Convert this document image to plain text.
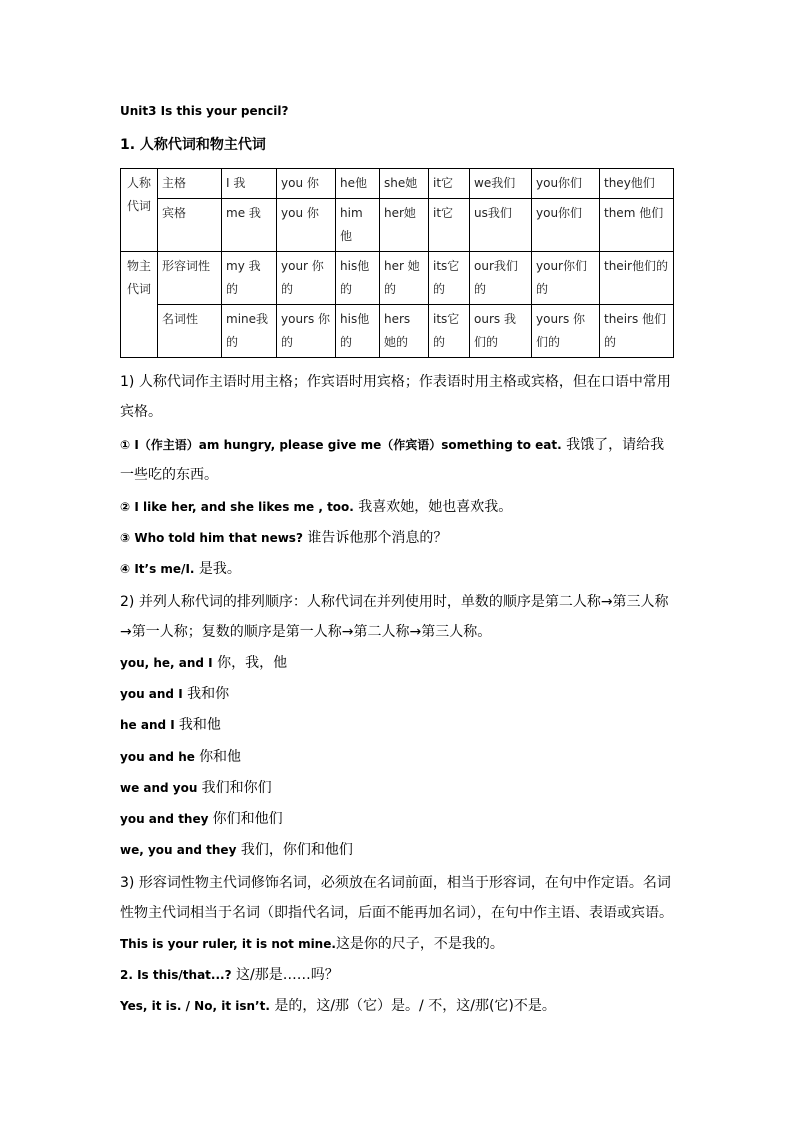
Unit3 Is this your pencil?
1. 人称代词和物主代词
人称代词	主格	I 我	you 你	he他	she她	it它	we我们	you你们	they他们
	宾格	me 我	you 你	him 他	her她	it它	us我们	you你们	them 他们
物主代词	形容词性	my 我的	your 你的	his他的	her 她的	its它的	our我们的	your你们的	their他们的
	名词性	mine我的	yours 你的	his他的	hers 她的	its它的	ours 我们的	yours 你们的	theirs 他们的
1) 人称代词作主语时用主格；作宾语时用宾格；作表语时用主格或宾格，但在口语中常用宾格。
① I（作主语）am hungry, please give me（作宾语）something to eat. 我饿了，请给我一些吃的东西。
② I like her, and she likes me , too. 我喜欢她，她也喜欢我。
③ Who told him that news? 谁告诉他那个消息的？
④ It’s me/I. 是我。
2) 并列人称代词的排列顺序：人称代词在并列使用时，单数的顺序是第二人称→第三人称→第一人称；复数的顺序是第一人称→第二人称→第三人称。
you, he, and I 你，我，他
you and I 我和你
he and I 我和他
you and he 你和他
we and you 我们和你们
you and they 你们和他们
we, you and they 我们，你们和他们
3) 形容词性物主代词修饰名词，必须放在名词前面，相当于形容词，在句中作定语。名词性物主代词相当于名词（即指代名词，后面不能再加名词），在句中作主语、表语或宾语。
This is your ruler, it is not mine.这是你的尺子，不是我的。
2. Is this/that...? 这/那是……吗？
Yes, it is. / No, it isn’t. 是的，这/那（它）是。/ 不，这/那(它)不是。
